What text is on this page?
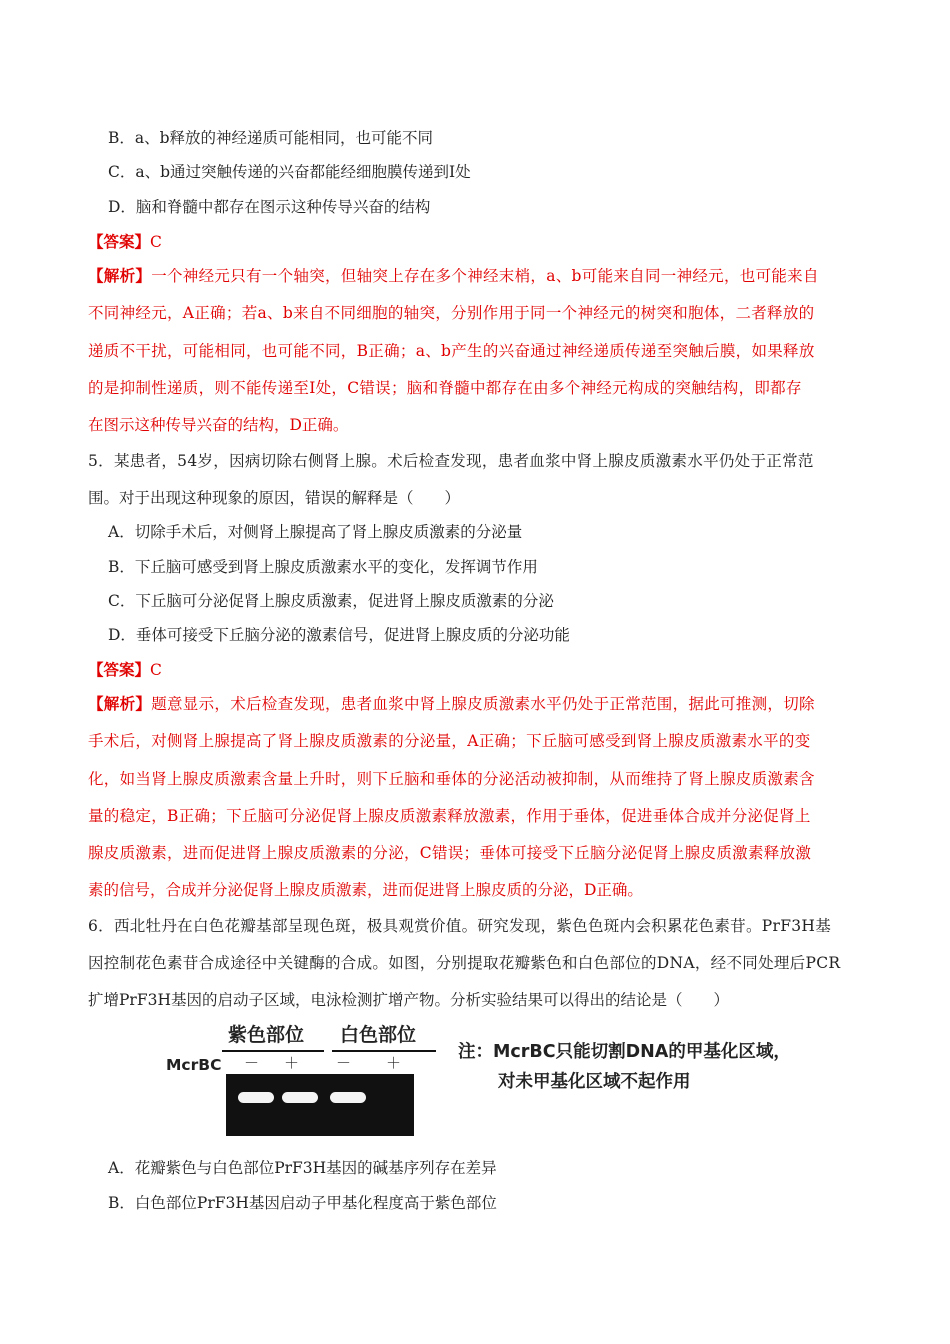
B．a、b释放的神经递质可能相同，也可能不同
C．a、b通过突触传递的兴奋都能经细胞膜传递到Ⅰ处
D．脑和脊髓中都存在图示这种传导兴奋的结构
【答案】C
【解析】一个神经元只有一个轴突，但轴突上存在多个神经末梢，a、b可能来自同一神经元，也可能来自
不同神经元，A正确；若a、b来自不同细胞的轴突，分别作用于同一个神经元的树突和胞体，二者释放的
递质不干扰，可能相同，也可能不同，B正确；a、b产生的兴奋通过神经递质传递至突触后膜，如果释放
的是抑制性递质，则不能传递至Ⅰ处，C错误；脑和脊髓中都存在由多个神经元构成的突触结构，即都存
在图示这种传导兴奋的结构，D正确。
5．某患者，54岁，因病切除右侧肾上腺。术后检查发现，患者血浆中肾上腺皮质激素水平仍处于正常范
围。对于出现这种现象的原因，错误的解释是（　　）
A．切除手术后，对侧肾上腺提高了肾上腺皮质激素的分泌量
B．下丘脑可感受到肾上腺皮质激素水平的变化，发挥调节作用
C．下丘脑可分泌促肾上腺皮质激素，促进肾上腺皮质激素的分泌
D．垂体可接受下丘脑分泌的激素信号，促进肾上腺皮质的分泌功能
【答案】C
【解析】题意显示，术后检查发现，患者血浆中肾上腺皮质激素水平仍处于正常范围，据此可推测，切除
手术后，对侧肾上腺提高了肾上腺皮质激素的分泌量，A正确；下丘脑可感受到肾上腺皮质激素水平的变
化，如当肾上腺皮质激素含量上升时，则下丘脑和垂体的分泌活动被抑制，从而维持了肾上腺皮质激素含
量的稳定，B正确；下丘脑可分泌促肾上腺皮质激素释放激素，作用于垂体，促进垂体合成并分泌促肾上
腺皮质激素，进而促进肾上腺皮质激素的分泌，C错误；垂体可接受下丘脑分泌促肾上腺皮质激素释放激
素的信号，合成并分泌促肾上腺皮质激素，进而促进肾上腺皮质的分泌，D正确。
6．西北牡丹在白色花瓣基部呈现色斑，极具观赏价值。研究发现，紫色色斑内会积累花色素苷。PrF3H基
因控制花色素苷合成途径中关键酶的合成。如图，分别提取花瓣紫色和白色部位的DNA，经不同处理后PCR
扩增PrF3H基因的启动子区域，电泳检测扩增产物。分析实验结果可以得出的结论是（　　）
紫色部位 白色部位
McrBC － ＋ － ＋
注：McrBC只能切割DNA的甲基化区域，
对未甲基化区域不起作用
A．花瓣紫色与白色部位PrF3H基因的碱基序列存在差异
B．白色部位PrF3H基因启动子甲基化程度高于紫色部位
